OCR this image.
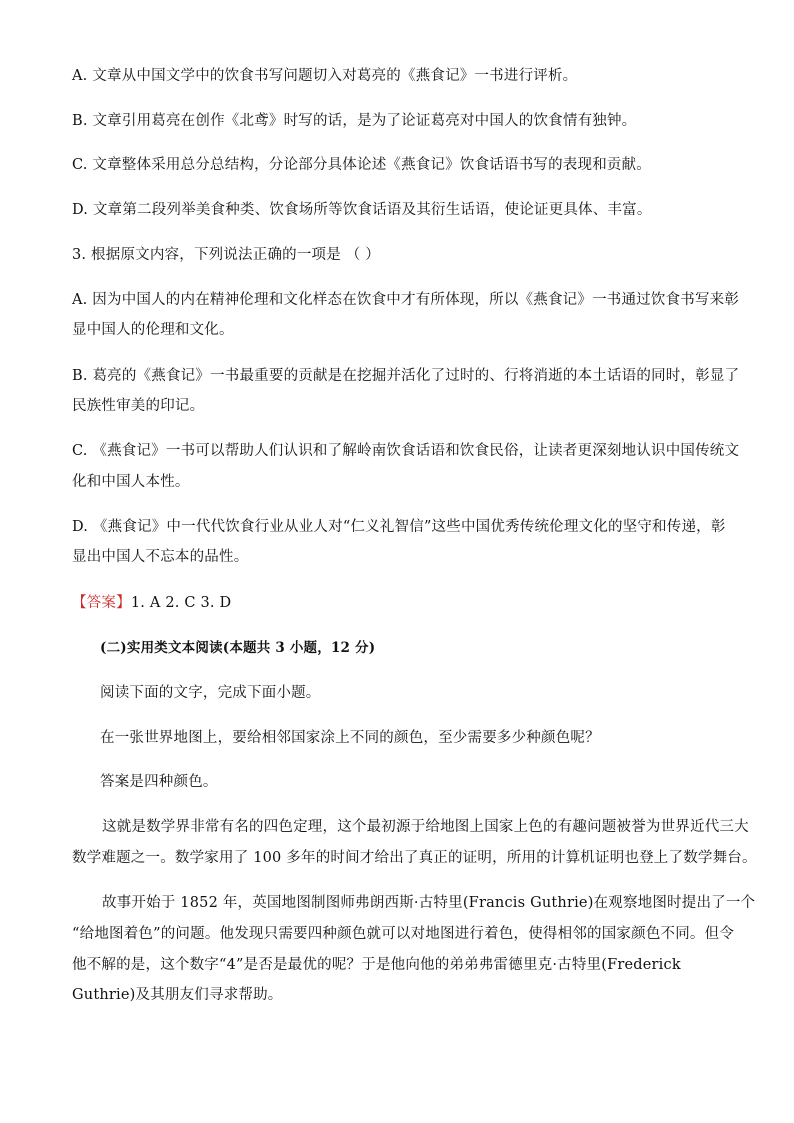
A. 文章从中国文学中的饮食书写问题切入对葛亮的《燕食记》一书进行评析。
B. 文章引用葛亮在创作《北鸢》时写的话，是为了论证葛亮对中国人的饮食情有独钟。
C. 文章整体采用总分总结构，分论部分具体论述《燕食记》饮食话语书写的表现和贡献。
D. 文章第二段列举美食种类、饮食场所等饮食话语及其衍生话语，使论证更具体、丰富。
3. 根据原文内容，下列说法正确的一项是 （ ）
A. 因为中国人的内在精神伦理和文化样态在饮食中才有所体现，所以《燕食记》一书通过饮食书写来彰
显中国人的伦理和文化。
B. 葛亮的《燕食记》一书最重要的贡献是在挖掘并活化了过时的、行将消逝的本土话语的同时，彰显了
民族性审美的印记。
C. 《燕食记》一书可以帮助人们认识和了解岭南饮食话语和饮食民俗，让读者更深刻地认识中国传统文
化和中国人本性。
D. 《燕食记》中一代代饮食行业从业人对“仁义礼智信”这些中国优秀传统伦理文化的坚守和传递，彰
显出中国人不忘本的品性。
【答案】1. A 2. C 3. D
(二)实用类文本阅读(本题共 3 小题，12 分)
阅读下面的文字，完成下面小题。
在一张世界地图上，要给相邻国家涂上不同的颜色，至少需要多少种颜色呢？
答案是四种颜色。
这就是数学界非常有名的四色定理，这个最初源于给地图上国家上色的有趣问题被誉为世界近代三大
数学难题之一。数学家用了 100 多年的时间才给出了真正的证明，所用的计算机证明也登上了数学舞台。
故事开始于 1852 年，英国地图制图师弗朗西斯·古特里(Francis Guthrie)在观察地图时提出了一个
“给地图着色”的问题。他发现只需要四种颜色就可以对地图进行着色，使得相邻的国家颜色不同。但令
他不解的是，这个数字“4”是否是最优的呢？于是他向他的弟弟弗雷德里克·古特里(Frederick
Guthrie)及其朋友们寻求帮助。
